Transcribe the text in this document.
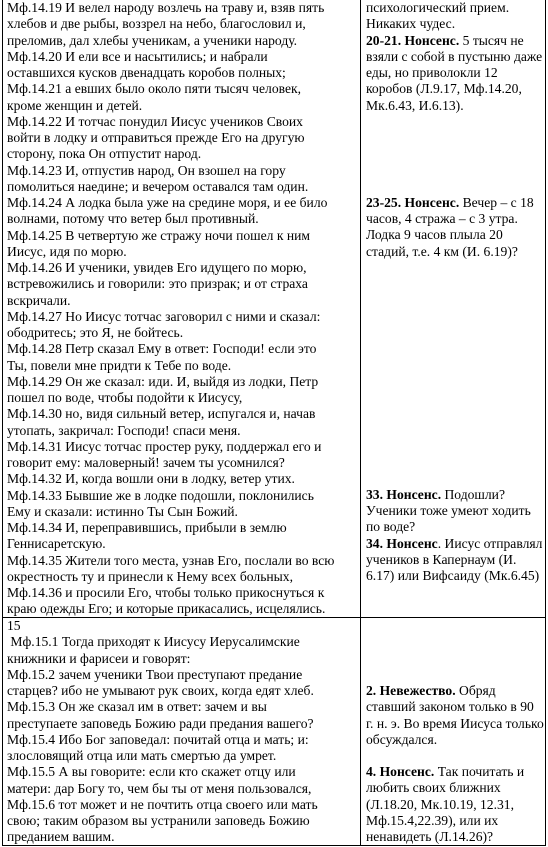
Мф.14.19 И велел народу возлечь на траву и, взяв пять

хлебов и две рыбы, воззрел на небо, благословил и,

преломив, дал хлебы ученикам, а ученики народу.

Мф.14.20 И ели все и насытились; и набрали

оставшихся кусков двенадцать коробов полных;

Мф.14.21 а евших было около пяти тысяч человек,

кроме женщин и детей.

Мф.14.22 И тотчас понудил Иисус учеников Своих

войти в лодку и отправиться прежде Его на другую

сторону, пока Он отпустит народ.

Мф.14.23 И, отпустив народ, Он взошел на гору

помолиться наедине; и вечером оставался там один.

Мф.14.24 А лодка была уже на средине моря, и ее било

волнами, потому что ветер был противный.

Мф.14.25 В четвертую же стражу ночи пошел к ним

Иисус, идя по морю.

Мф.14.26 И ученики, увидев Его идущего по морю,

встревожились и говорили: это призрак; и от страха

вскричали.

Мф.14.27 Но Иисус тотчас заговорил с ними и сказал:

ободритесь; это Я, не бойтесь.

Мф.14.28 Петр сказал Ему в ответ: Господи! если это

Ты, повели мне придти к Тебе по воде.

Мф.14.29 Он же сказал: иди. И, выйдя из лодки, Петр

пошел по воде, чтобы подойти к Иисусу,

Мф.14.30 но, видя сильный ветер, испугался и, начав

утопать, закричал: Господи! спаси меня.

Мф.14.31 Иисус тотчас простер руку, поддержал его и

говорит ему: маловерный! зачем ты усомнился?

Мф.14.32 И, когда вошли они в лодку, ветер утих.

Мф.14.33 Бывшие же в лодке подошли, поклонились

Ему и сказали: истинно Ты Сын Божий.

Мф.14.34 И, переправившись, прибыли в землю

Геннисаретскую.

Мф.14.35 Жители того места, узнав Его, послали во всю

окрестность ту и принесли к Нему всех больных,

Мф.14.36 и просили Его, чтобы только прикоснуться к

краю одежды Его; и которые прикасались, исцелялись.

психологический прием. Никаких чудес.

20-21. Нонсенс. 5 тысяч не взяли с собой в пустыню даже еды, но приволокли 12 коробов (Л.9.17, Мф.14.20, Мк.6.43, И.6.13).

23-25. Нонсенс. Вечер – с 18 часов, 4 стража – с 3 утра. Лодка 9 часов плыла 20 стадий, т.е. 4 км (И. 6.19)?

33. Нонсенс. Подошли? Ученики тоже умеют ходить по воде?

34. Нонсенс. Иисус отправлял учеников в Капернаум (И. 6.17) или Вифсаиду (Мк.6.45)

15

Мф.15.1 Тогда приходят к Иисусу Иерусалимские

книжники и фарисеи и говорят:

Мф.15.2 зачем ученики Твои преступают предание

старцев? ибо не умывают рук своих, когда едят хлеб.

Мф.15.3 Он же сказал им в ответ: зачем и вы

преступаете заповедь Божию ради предания вашего?

Мф.15.4 Ибо Бог заповедал: почитай отца и мать; и:

злословящий отца или мать смертью да умрет.

Мф.15.5 А вы говорите: если кто скажет отцу или

матери: дар Богу то, чем бы ты от меня пользовался,

Мф.15.6 тот может и не почтить отца своего или мать

свою; таким образом вы устранили заповедь Божию

преданием вашим.

2. Невежество. Обряд ставший законом только в 90 г. н. э. Во время Иисуса только обсуждался.

4. Нонсенс. Так почитать и любить своих ближних (Л.18.20, Мк.10.19, 12.31, Мф.15.4,22.39), или их ненавидеть (Л.14.26)?
